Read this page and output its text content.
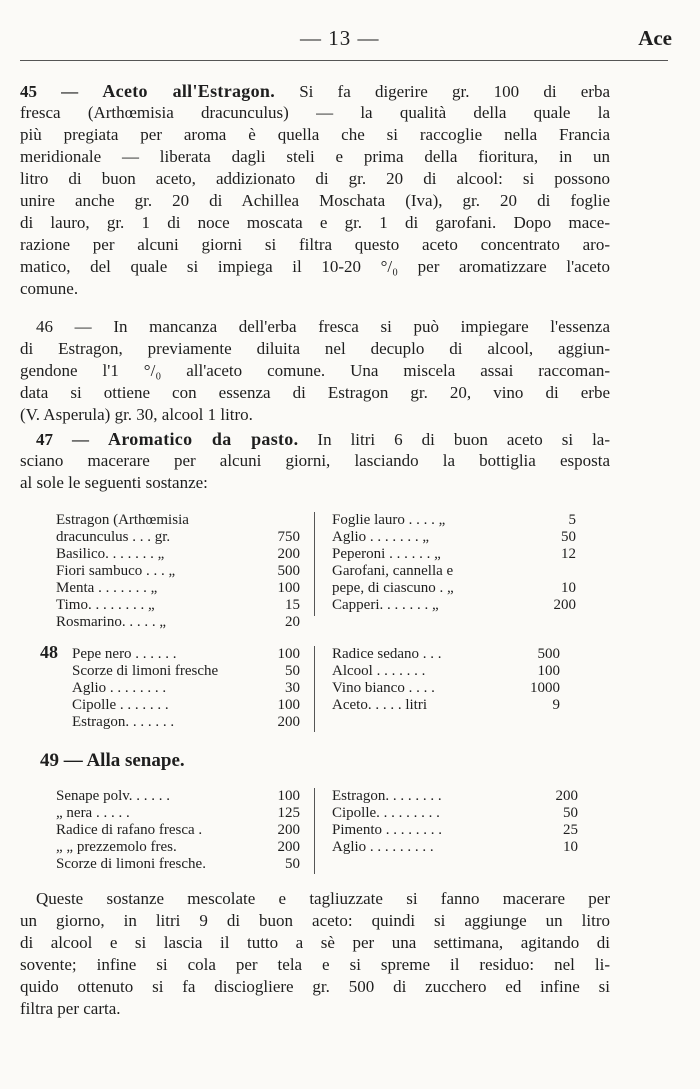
— 13 —	Ace
45 — Aceto all'Estragon. Si fa digerire gr. 100 di erba
fresca (Arthœmisia dracunculus) — la qualità della quale la
più pregiata per aroma è quella che si raccoglie nella Francia
meridionale — liberata dagli steli e prima della fioritura, in un
litro di buon aceto, addizionato di gr. 20 di alcool: si possono
unire anche gr. 20 di Achillea Moschata (Iva), gr. 20 di foglie
di lauro, gr. 1 di noce moscata e gr. 1 di garofani. Dopo mace-
razione per alcuni giorni si filtra questo aceto concentrato aro-
matico, del quale si impiega il 10-20 °/₀ per aromatizzare l'aceto
comune.
46 — In mancanza dell'erba fresca si può impiegare l'essenza
di Estragon, previamente diluita nel decuplo di alcool, aggiun-
gendone l'1 °/₀ all'aceto comune. Una miscela assai raccoman-
data si ottiene con essenza di Estragon gr. 20, vino di erbe
(V. Asperula) gr. 30, alcool 1 litro.
47 — Aromatico da pasto. In litri 6 di buon aceto si la-
sciano macerare per alcuni giorni, lasciando la bottiglia esposta
al sole le seguenti sostanze:
Estragon (Arthœmisia
dracunculus . . . gr.	750
Basilico. . . . . . . „	200
Fiori sambuco . . . „	500
Menta . . . . . . . „	100
Timo. . . . . . . . „	15
Rosmarino. . . . . „	20
Foglie lauro . . . . „	5
Aglio . . . . . . . „	50
Peperoni . . . . . . „	12
Garofani, cannella e
pepe, di ciascuno . „	10
Capperi. . . . . . . „	200
48 Pepe nero . . . . . .	100
Scorze di limoni fresche	50
Aglio . . . . . . . .	30
Cipolle . . . . . . .	100
Estragon. . . . . . .	200
Radice sedano . . .	500
Alcool . . . . . . .	100
Vino bianco . . . .	1000
Aceto. . . . . litri	9
49 — Alla senape.
Senape polv. . . . . .	100
„ nera . . . . .	125
Radice di rafano fresca .	200
„ „ prezzemolo fres.	200
Scorze di limoni fresche.	50
Estragon. . . . . . . .	200
Cipolle. . . . . . . . .	50
Pimento . . . . . . . .	25
Aglio . . . . . . . . .	10
Queste sostanze mescolate e tagliuzzate si fanno macerare per
un giorno, in litri 9 di buon aceto: quindi si aggiunge un litro
di alcool e si lascia il tutto a sè per una settimana, agitando di
sovente; infine si cola per tela e si spreme il residuo: nel li-
quido ottenuto si fa disciogliere gr. 500 di zucchero ed infine si
filtra per carta.
